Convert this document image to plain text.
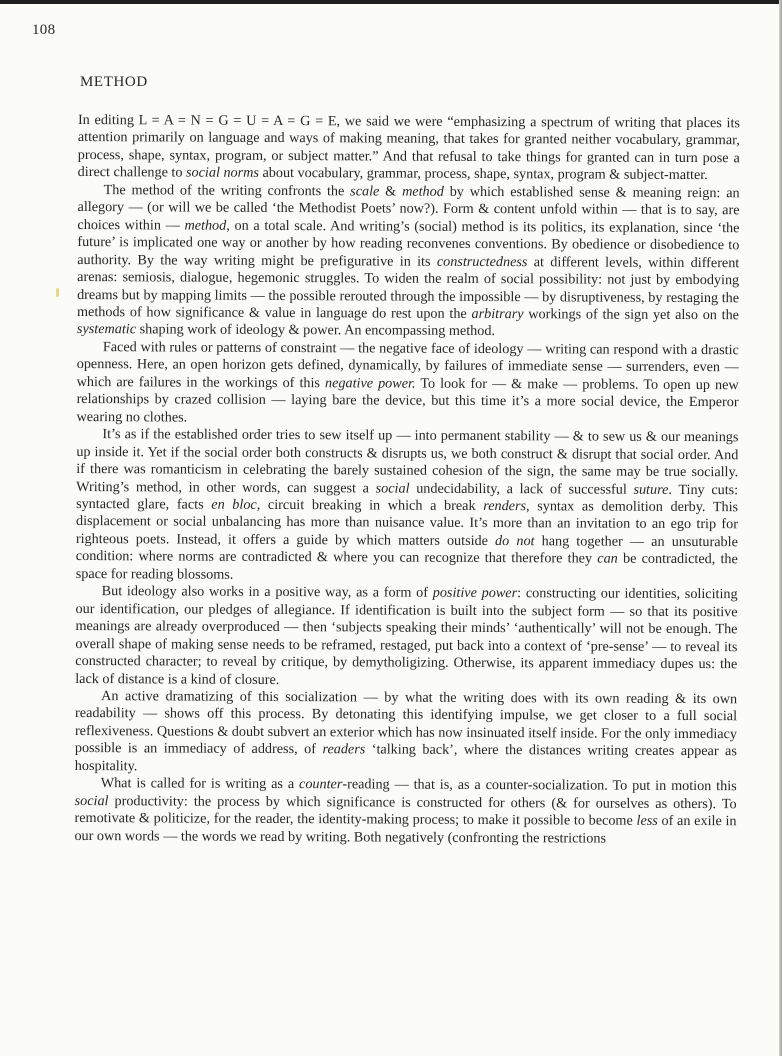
108
METHOD

In editing L = A = N = G = U = A = G = E, we said we were “emphasizing a spectrum of writing that places its attention primarily on language and ways of making meaning, that takes for granted neither vocabulary, grammar, process, shape, syntax, program, or subject matter.” And that refusal to take things for granted can in turn pose a direct challenge to social norms about vocabulary, grammar, process, shape, syntax, program & subject-matter.

The method of the writing confronts the scale & method by which established sense & meaning reign: an allegory — (or will we be called ‘the Methodist Poets’ now?). Form & content unfold within — that is to say, are choices within — method, on a total scale. And writing’s (social) method is its politics, its explanation, since ‘the future’ is implicated one way or another by how reading reconvenes conventions. By obedience or disobedience to authority. By the way writing might be prefigurative in its constructedness at different levels, within different arenas: semiosis, dialogue, hegemonic struggles. To widen the realm of social possibility: not just by embodying dreams but by mapping limits — the possible rerouted through the impossible — by disruptiveness, by restaging the methods of how significance & value in language do rest upon the arbitrary workings of the sign yet also on the systematic shaping work of ideology & power. An encompassing method.

Faced with rules or patterns of constraint — the negative face of ideology — writing can respond with a drastic openness. Here, an open horizon gets defined, dynamically, by failures of immediate sense — surrenders, even — which are failures in the workings of this negative power. To look for — & make — problems. To open up new relationships by crazed collision — laying bare the device, but this time it’s a more social device, the Emperor wearing no clothes.

It’s as if the established order tries to sew itself up — into permanent stability — & to sew us & our meanings up inside it. Yet if the social order both constructs & disrupts us, we both construct & disrupt that social order. And if there was romanticism in celebrating the barely sustained cohesion of the sign, the same may be true socially. Writing’s method, in other words, can suggest a social undecidability, a lack of successful suture. Tiny cuts: syntacted glare, facts en bloc, circuit breaking in which a break renders, syntax as demolition derby. This displacement or social unbalancing has more than nuisance value. It’s more than an invitation to an ego trip for righteous poets. Instead, it offers a guide by which matters outside do not hang together — an unsuturable condition: where norms are contradicted & where you can recognize that therefore they can be contradicted, the space for reading blossoms.

But ideology also works in a positive way, as a form of positive power: constructing our identities, soliciting our identification, our pledges of allegiance. If identification is built into the subject form — so that its positive meanings are already overproduced — then ‘subjects speaking their minds’ ‘authentically’ will not be enough. The overall shape of making sense needs to be reframed, restaged, put back into a context of ‘pre-sense’ — to reveal its constructed character; to reveal by critique, by demytholigizing. Otherwise, its apparent immediacy dupes us: the lack of distance is a kind of closure.

An active dramatizing of this socialization — by what the writing does with its own reading & its own readability — shows off this process. By detonating this identifying impulse, we get closer to a full social reflexiveness. Questions & doubt subvert an exterior which has now insinuated itself inside. For the only immediacy possible is an immediacy of address, of readers ‘talking back’, where the distances writing creates appear as hospitality.

What is called for is writing as a counter-reading — that is, as a counter-socialization. To put in motion this social productivity: the process by which significance is constructed for others (& for ourselves as others). To remotivate & politicize, for the reader, the identity-making process; to make it possible to become less of an exile in our own words — the words we read by writing. Both negatively (confronting the restrictions
